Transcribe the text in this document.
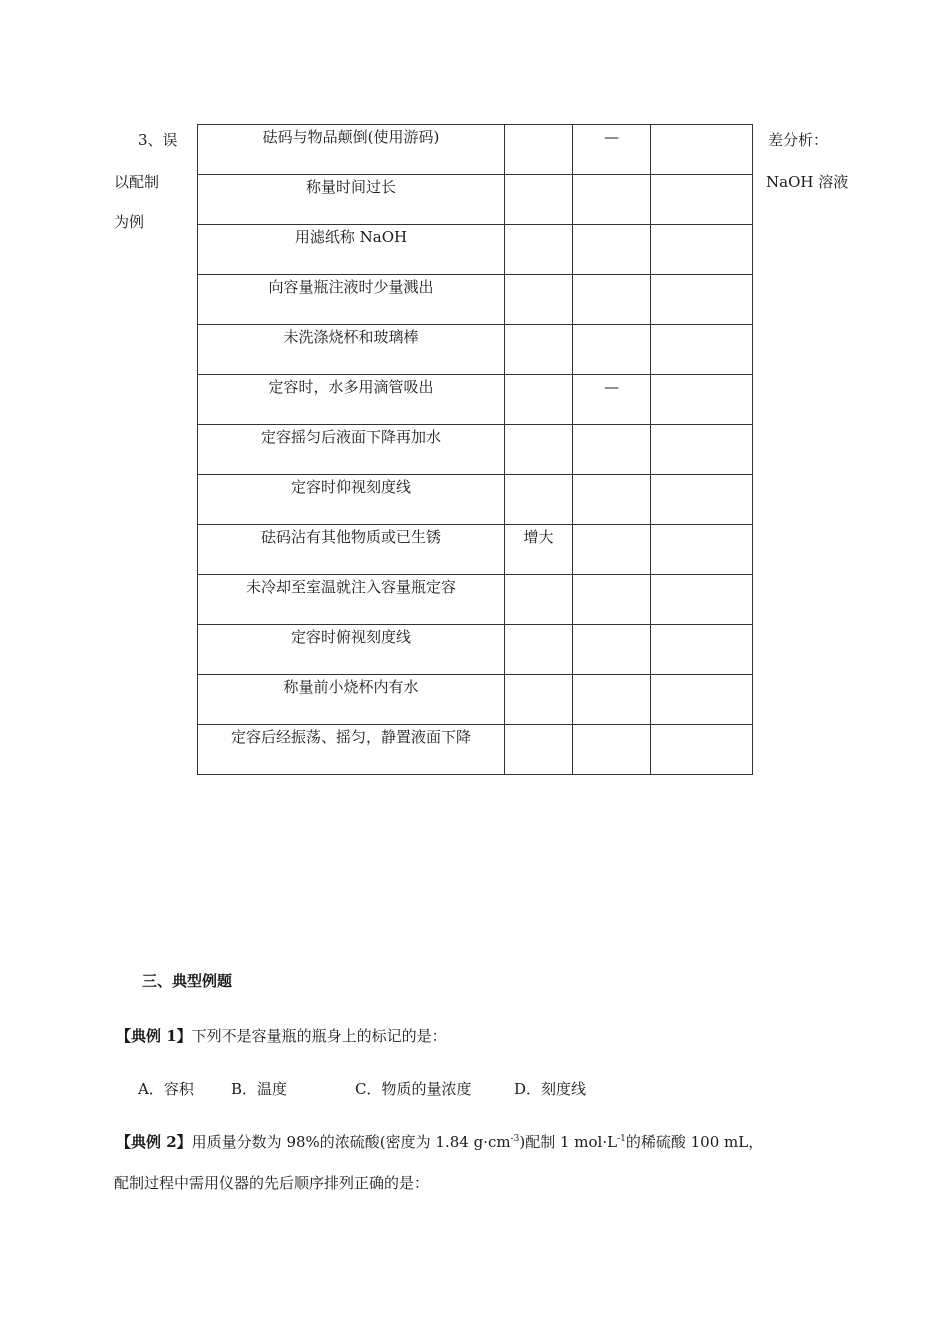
3、误
以配制
为例
差分析：
NaOH 溶液
砝码与物品颠倒(使用游码)		—	
称量时间过长			
用滤纸称 NaOH			
向容量瓶注液时少量溅出			
未洗涤烧杯和玻璃棒			
定容时，水多用滴管吸出		—	
定容摇匀后液面下降再加水			
定容时仰视刻度线			
砝码沾有其他物质或已生锈	增大		
未冷却至室温就注入容量瓶定容			
定容时俯视刻度线			
称量前小烧杯内有水			
定容后经振荡、摇匀，静置液面下降			
三、典型例题
【典例 1】下列不是容量瓶的瓶身上的标记的是：
A．容积 B．温度	C．物质的量浓度	D．刻度线
【典例 2】用质量分数为 98%的浓硫酸(密度为 1.84 $g\cdot cm^{-3}$)配制 1 $mol\cdot L^{-1}$的稀硫酸 100 mL，
配制过程中需用仪器的先后顺序排列正确的是：
